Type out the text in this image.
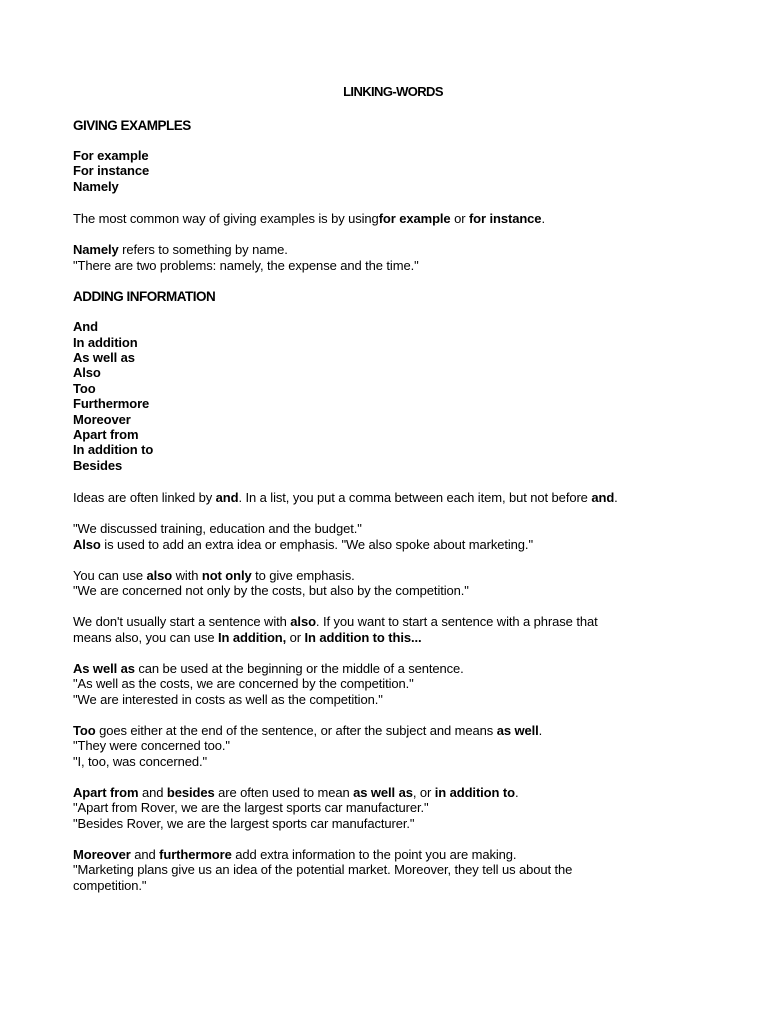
LINKING-WORDS
GIVING EXAMPLES
For example
For instance
Namely
The most common way of giving examples is by usingfor example or for instance.
Namely refers to something by name.
"There are two problems: namely, the expense and the time."
ADDING INFORMATION
And
In addition
As well as
Also
Too
Furthermore
Moreover
Apart from
In addition to
Besides
Ideas are often linked by and. In a list, you put a comma between each item, but not before and.
"We discussed training, education and the budget."
Also is used to add an extra idea or emphasis. "We also spoke about marketing."
You can use also with not only to give emphasis.
"We are concerned not only by the costs, but also by the competition."
We don't usually start a sentence with also. If you want to start a sentence with a phrase that
means also, you can use In addition, or In addition to this...
As well as can be used at the beginning or the middle of a sentence.
"As well as the costs, we are concerned by the competition."
"We are interested in costs as well as the competition."
Too goes either at the end of the sentence, or after the subject and means as well.
"They were concerned too."
"I, too, was concerned."
Apart from and besides are often used to mean as well as, or in addition to.
"Apart from Rover, we are the largest sports car manufacturer."
"Besides Rover, we are the largest sports car manufacturer."
Moreover and furthermore add extra information to the point you are making.
"Marketing plans give us an idea of the potential market. Moreover, they tell us about the
competition."
